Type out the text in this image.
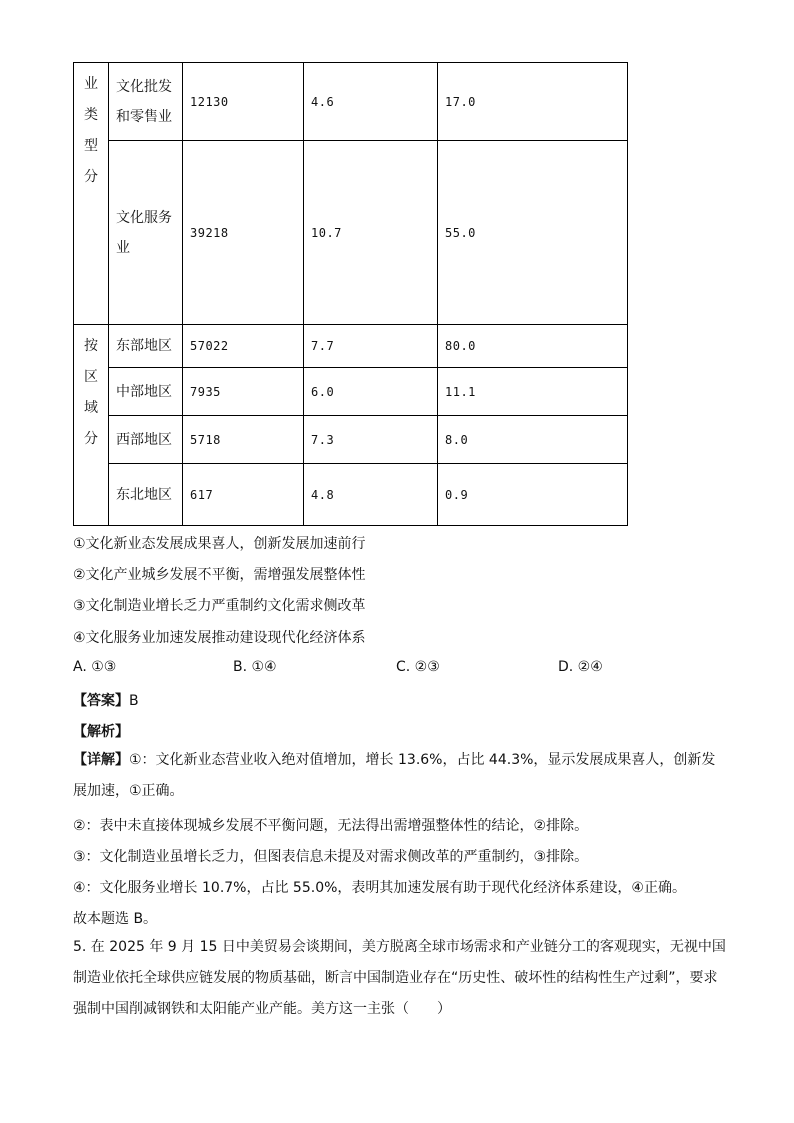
业
类
型
分	文化批发和零售业	12130	4.6	17.0
	文化服务业	39218	10.7	55.0

按
区
域
分	东部地区	57022	7.7	80.0
	中部地区	7935	6.0	11.1
	西部地区	5718	7.3	8.0
	东北地区	617	4.8	0.9
①文化新业态发展成果喜人，创新发展加速前行
②文化产业城乡发展不平衡，需增强发展整体性
③文化制造业增长乏力严重制约文化需求侧改革
④文化服务业加速发展推动建设现代化经济体系
A. ①③	B. ①④	C. ②③	D. ②④
【答案】B
【解析】
【详解】①：文化新业态营业收入绝对值增加，增长 13.6%，占比 44.3%，显示发展成果喜人，创新发展加速，①正确。
②：表中未直接体现城乡发展不平衡问题，无法得出需增强整体性的结论，②排除。
③：文化制造业虽增长乏力，但图表信息未提及对需求侧改革的严重制约，③排除。
④：文化服务业增长 10.7%，占比 55.0%，表明其加速发展有助于现代化经济体系建设，④正确。
故本题选 B。
5. 在 2025 年 9 月 15 日中美贸易会谈期间，美方脱离全球市场需求和产业链分工的客观现实，无视中国制造业依托全球供应链发展的物质基础，断言中国制造业存在“历史性、破坏性的结构性生产过剩”，要求强制中国削减钢铁和太阳能产业产能。美方这一主张（　　）
